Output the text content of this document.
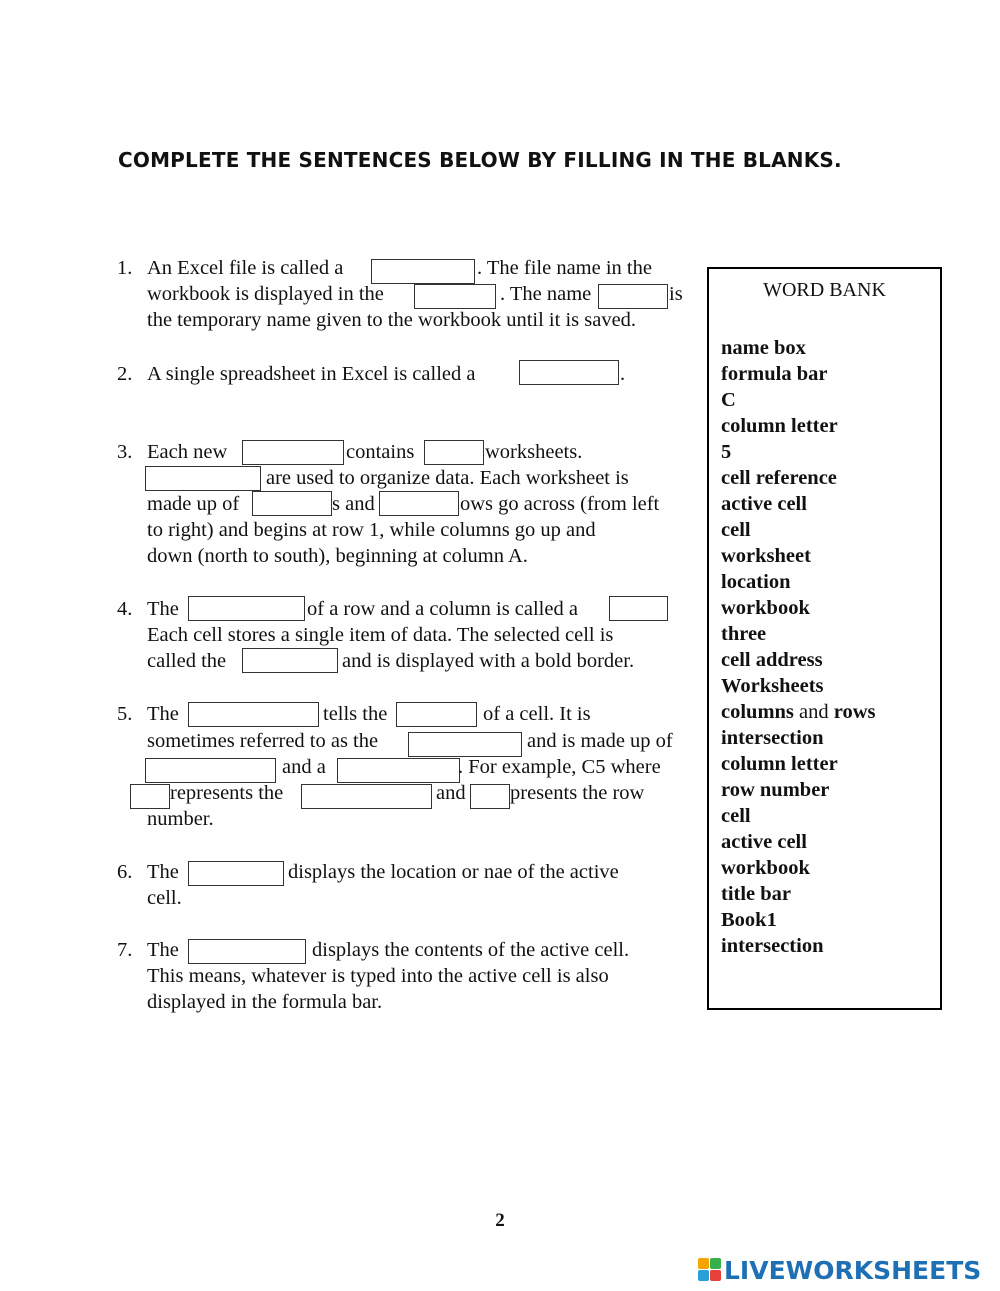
COMPLETE THE SENTENCES BELOW BY FILLING IN THE BLANKS.
1.
2.
3.
4.
5.
6.
7.
An Excel file is called a	. The file name in the
workbook is displayed in the	. The name	is
the temporary name given to the workbook until it is saved.
A single spreadsheet in Excel is called a	.
Each new	contains	worksheets.
are used to organize data. Each worksheet is
made up of	s and	ows go across (from left
to right) and begins at row 1, while columns go up and
down (north to south), beginning at column A.
The	of a row and a column is called a
Each cell stores a single item of data. The selected cell is
called the	and is displayed with a bold border.
The	tells the	of a cell. It is
sometimes referred to as the	and is made up of
and a	. For example, C5 where
represents the	and presents the row
number.
The	displays the location or nae of the active
cell.
The	displays the contents of the active cell.
This means, whatever is typed into the active cell is also
displayed in the formula bar.
WORD BANK
name box
formula bar
C
column letter
5
cell reference
active cell
cell
worksheet
location
workbook
three
cell address
Worksheets
columns and rows
intersection
column letter
row number
cell
active cell
workbook
title bar
Book1
intersection
2
LIVEWORKSHEETS
